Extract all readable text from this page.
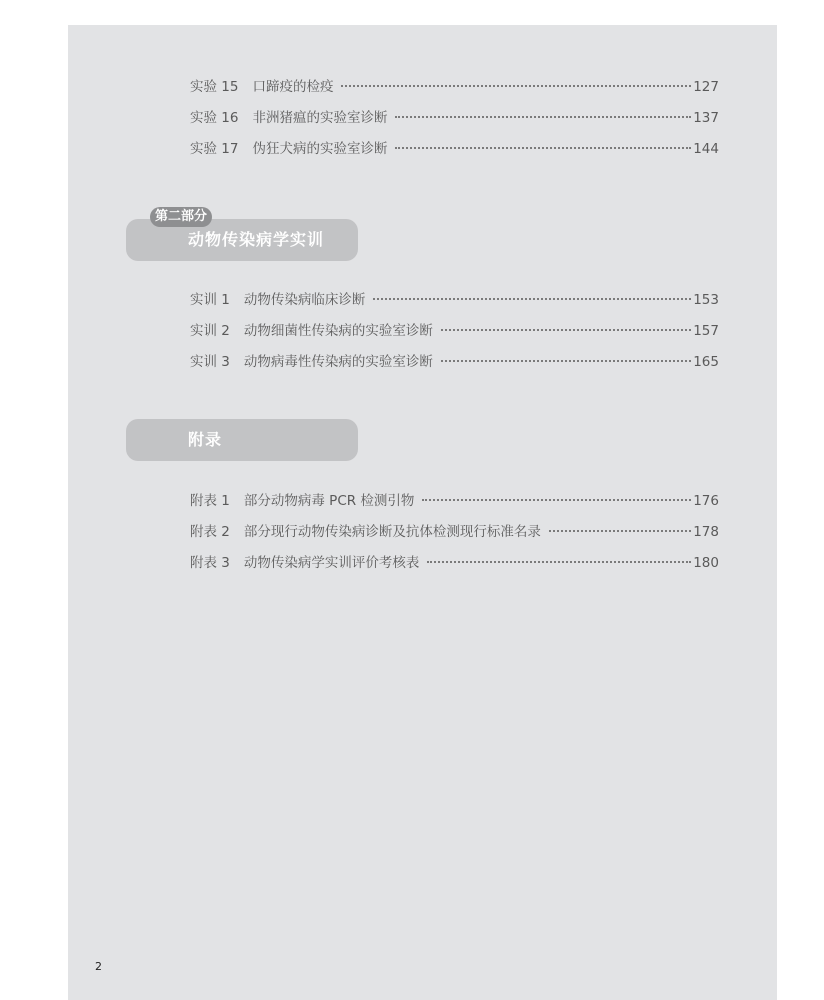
实验 15 口蹄疫的检疫	127
实验 16 非洲猪瘟的实验室诊断	137
实验 17 伪狂犬病的实验室诊断	144
第二部分
动物传染病学实训
实训 1 动物传染病临床诊断	153
实训 2 动物细菌性传染病的实验室诊断	157
实训 3 动物病毒性传染病的实验室诊断	165
附录
附表 1 部分动物病毒 PCR 检测引物	176
附表 2 部分现行动物传染病诊断及抗体检测现行标准名录	178
附表 3 动物传染病学实训评价考核表	180
2
